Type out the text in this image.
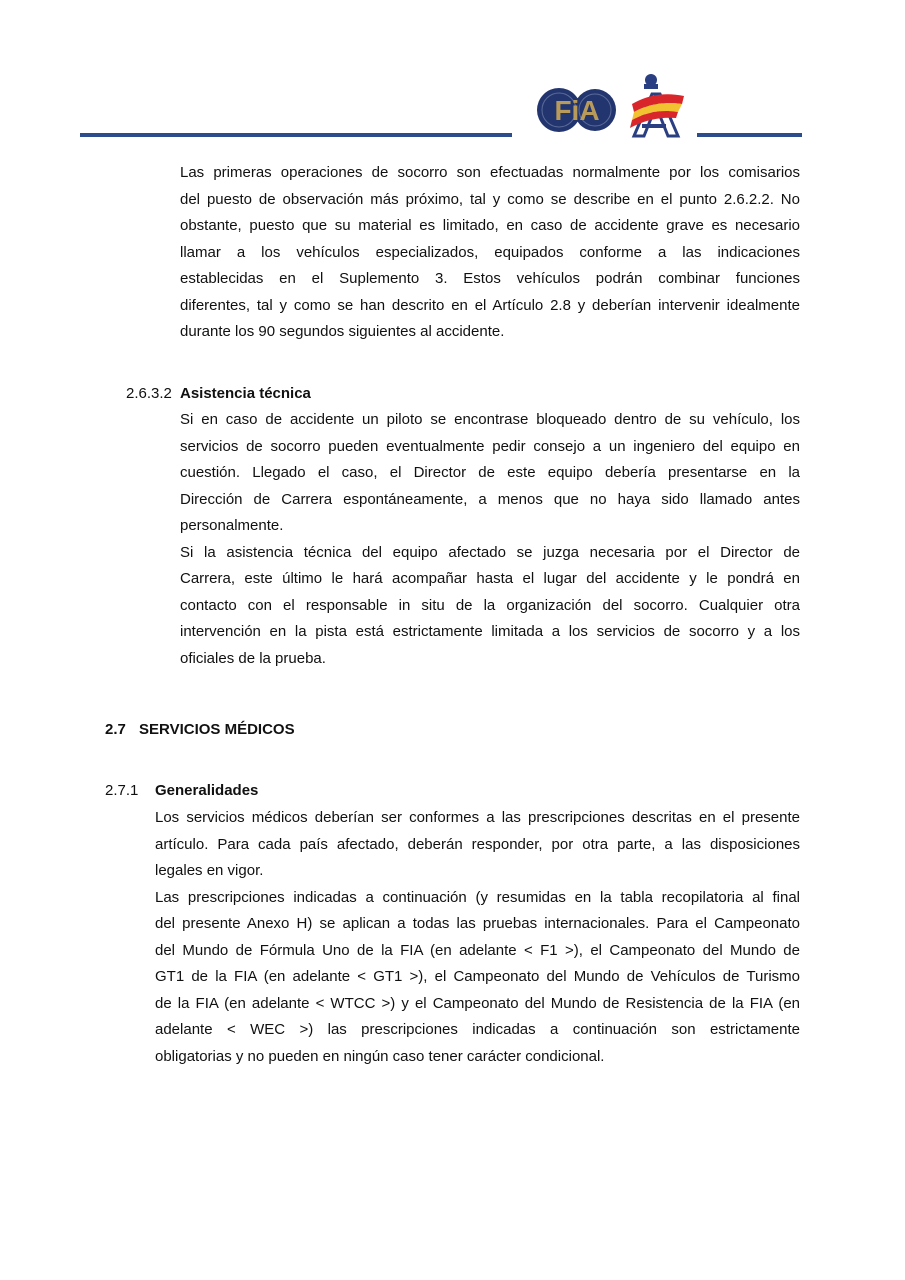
FiA
Las primeras operaciones de socorro son efectuadas normalmente por los comisarios
del puesto de observación más próximo, tal y como se describe en el punto 2.6.2.2. No
obstante, puesto que su material es limitado, en caso de accidente grave es necesario
llamar a los vehículos especializados, equipados conforme a las indicaciones
establecidas en el Suplemento 3. Estos vehículos podrán combinar funciones
diferentes, tal y como se han descrito en el Artículo 2.8 y deberían intervenir idealmente
durante los 90 segundos siguientes al accidente.
2.6.3.2 Asistencia técnica
Si en caso de accidente un piloto se encontrase bloqueado dentro de su vehículo, los
servicios de socorro pueden eventualmente pedir consejo a un ingeniero del equipo en
cuestión. Llegado el caso, el Director de este equipo debería presentarse en la
Dirección de Carrera espontáneamente, a menos que no haya sido llamado antes
personalmente.
Si la asistencia técnica del equipo afectado se juzga necesaria por el Director de
Carrera, este último le hará acompañar hasta el lugar del accidente y le pondrá en
contacto con el responsable in situ de la organización del socorro. Cualquier otra
intervención en la pista está estrictamente limitada a los servicios de socorro y a los
oficiales de la prueba.
2.7 SERVICIOS MÉDICOS
2.7.1 Generalidades
Los servicios médicos deberían ser conformes a las prescripciones descritas en el presente
artículo. Para cada país afectado, deberán responder, por otra parte, a las disposiciones
legales en vigor.
Las prescripciones indicadas a continuación (y resumidas en la tabla recopilatoria al final
del presente Anexo H) se aplican a todas las pruebas internacionales. Para el Campeonato
del Mundo de Fórmula Uno de la FIA (en adelante < F1 >), el Campeonato del Mundo de
GT1 de la FIA (en adelante < GT1 >), el Campeonato del Mundo de Vehículos de Turismo
de la FIA (en adelante < WTCC >) y el Campeonato del Mundo de Resistencia de la FIA (en
adelante < WEC >) las prescripciones indicadas a continuación son estrictamente
obligatorias y no pueden en ningún caso tener carácter condicional.
